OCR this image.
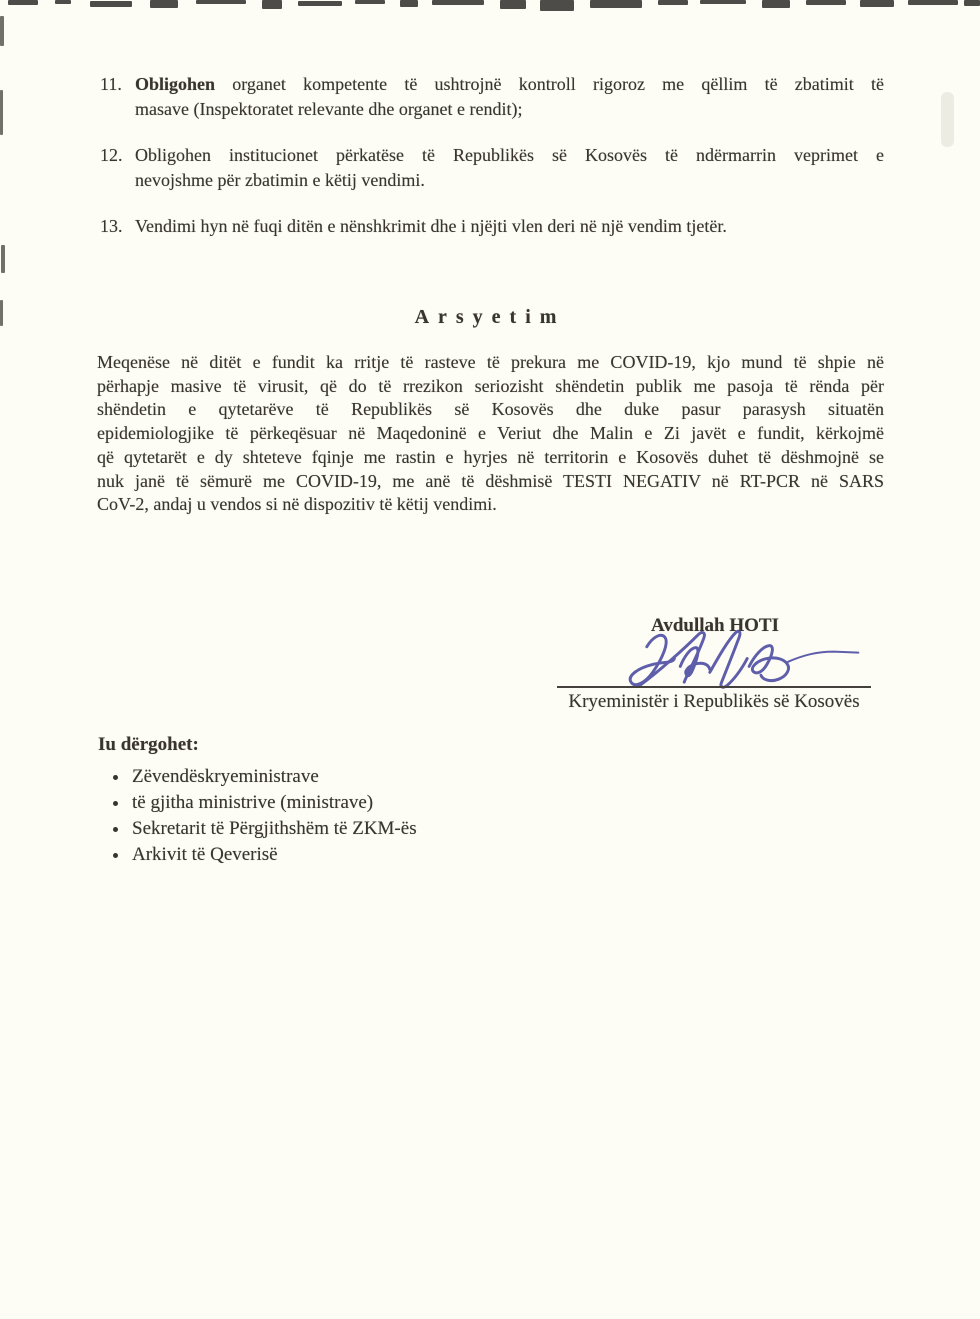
11. Obligohen organet kompetente të ushtrojnë kontroll rigoroz me qëllim të zbatimit të
masave (Inspektoratet relevante dhe organet e rendit);
12. Obligohen institucionet përkatëse të Republikës së Kosovës të ndërmarrin veprimet e
nevojshme për zbatimin e këtij vendimi.
13. Vendimi hyn në fuqi ditën e nënshkrimit dhe i njëjti vlen deri në një vendim tjetër.
Arsyetim
Meqenëse në ditët e fundit ka rritje të rasteve të prekura me COVID-19, kjo mund të shpie në
përhapje masive të virusit, që do të rrezikon seriozisht shëndetin publik me pasoja të rënda për
shëndetin e qytetarëve të Republikës së Kosovës dhe duke pasur parasysh situatën
epidemiologjike të përkeqësuar në Maqedoninë e Veriut dhe Malin e Zi javët e fundit, kërkojmë
që qytetarët e dy shteteve fqinje me rastin e hyrjes në territorin e Kosovës duhet të dëshmojnë se
nuk janë të sëmurë me COVID-19, me anë të dëshmisë TESTI NEGATIV në RT-PCR në SARS
CoV-2, andaj u vendos si në dispozitiv të këtij vendimi.
Avdullah HOTI
Kryeministër i Republikës së Kosovës
Iu dërgohet:
• Zëvendëskryeministrave
• të gjitha ministrive (ministrave)
• Sekretarit të Përgjithshëm të ZKM-ës
• Arkivit të Qeverisë
